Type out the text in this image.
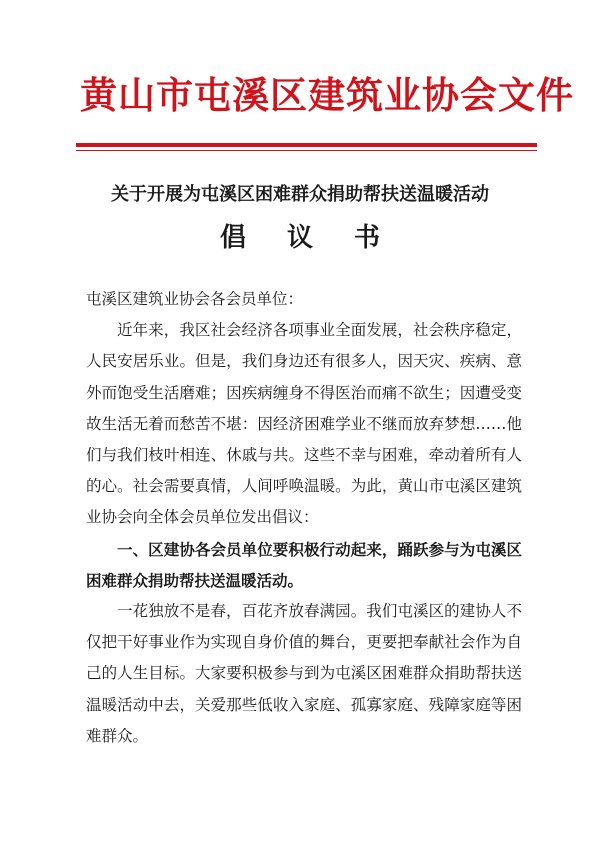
黄山市屯溪区建筑业协会文件
关于开展为屯溪区困难群众捐助帮扶送温暖活动
倡 议 书

屯溪区建筑业协会各会员单位：

近年来，我区社会经济各项事业全面发展，社会秩序稳定，人民安居乐业。但是，我们身边还有很多人，因天灾、疾病、意外而饱受生活磨难；因疾病缠身不得医治而痛不欲生；因遭受变故生活无着而愁苦不堪：因经济困难学业不继而放弃梦想……他们与我们枝叶相连、休戚与共。这些不幸与困难，牵动着所有人的心。社会需要真情，人间呼唤温暖。为此，黄山市屯溪区建筑业协会向全体会员单位发出倡议：

一、区建协各会员单位要积极行动起来，踊跃参与为屯溪区困难群众捐助帮扶送温暖活动。

一花独放不是春，百花齐放春满园。我们屯溪区的建协人不仅把干好事业作为实现自身价值的舞台，更要把奉献社会作为自己的人生目标。大家要积极参与到为屯溪区困难群众捐助帮扶送温暖活动中去，关爱那些低收入家庭、孤寡家庭、残障家庭等困难群众。
